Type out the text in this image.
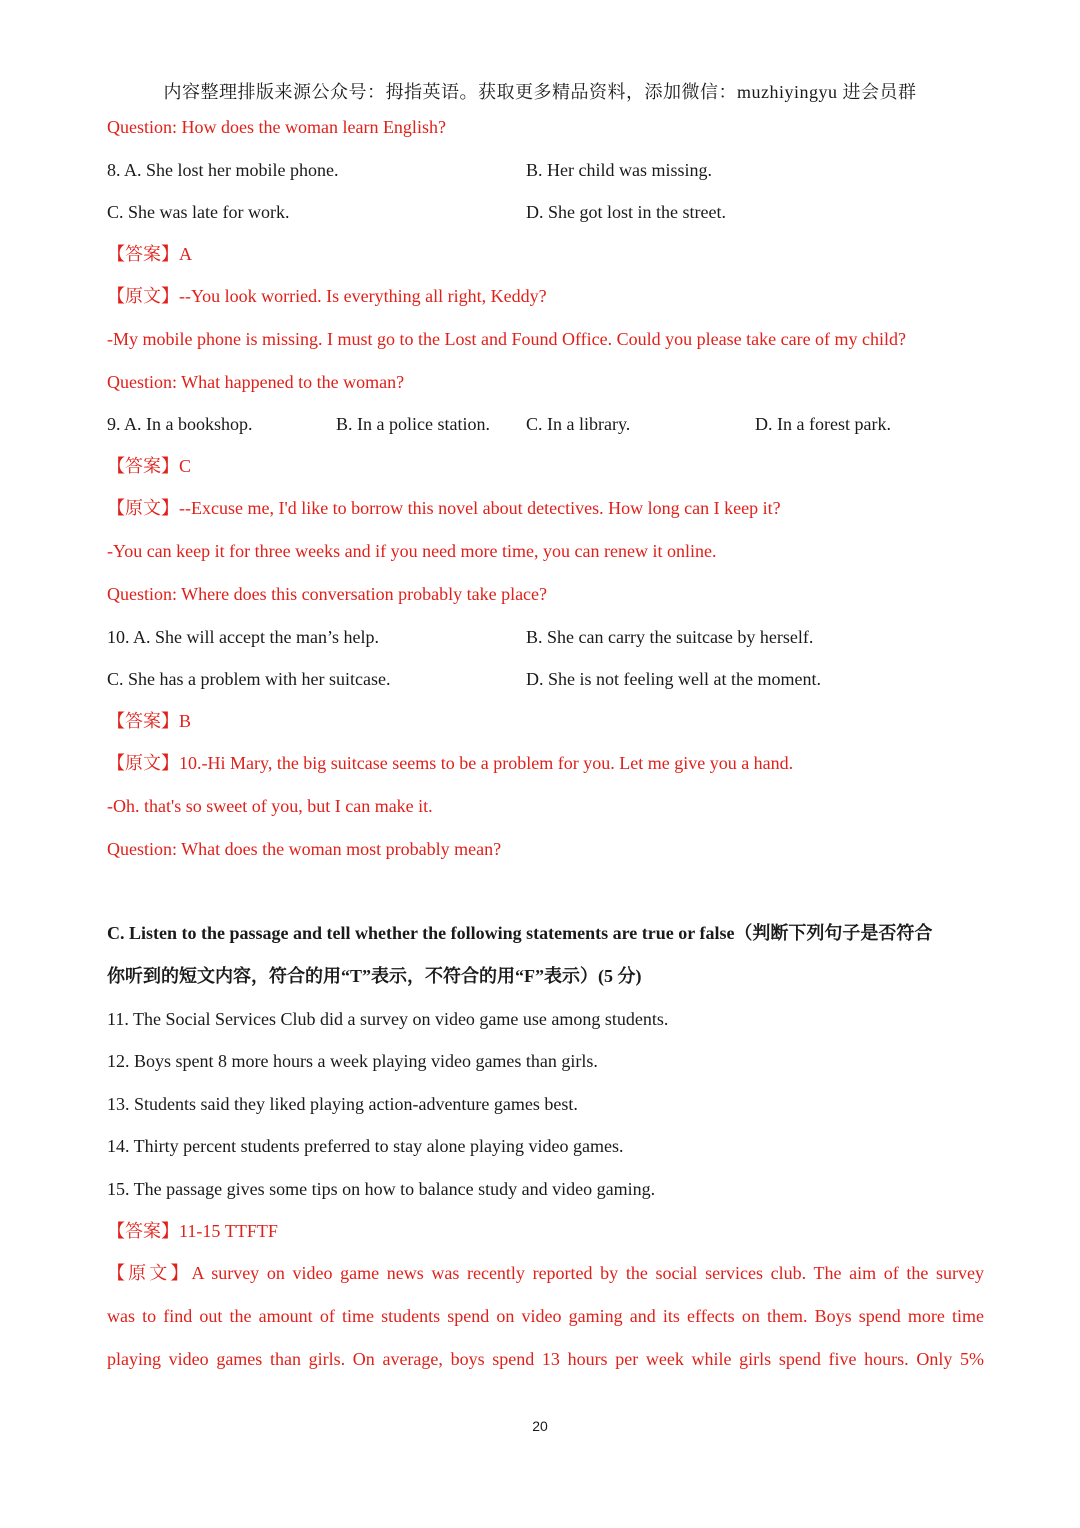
内容整理排版来源公众号：拇指英语。获取更多精品资料，添加微信：muzhiyingyu 进会员群
Question: How does the woman learn English?
8. A. She lost her mobile phone.	B. Her child was missing.
C. She was late for work.	D. She got lost in the street.
【答案】A
【原文】--You look worried. Is everything all right, Keddy?
-My mobile phone is missing. I must go to the Lost and Found Office. Could you please take care of my child?
Question: What happened to the woman?
9. A. In a bookshop.	B. In a police station. C. In a library.	D. In a forest park.
【答案】C
【原文】--Excuse me, I'd like to borrow this novel about detectives. How long can I keep it?
-You can keep it for three weeks and if you need more time, you can renew it online.
Question: Where does this conversation probably take place?
10. A. She will accept the man’s help.	B. She can carry the suitcase by herself.
C. She has a problem with her suitcase.	D. She is not feeling well at the moment.
【答案】B
【原文】10.-Hi Mary, the big suitcase seems to be a problem for you. Let me give you a hand.
-Oh. that's so sweet of you, but I can make it.
Question: What does the woman most probably mean?
C. Listen to the passage and tell whether the following statements are true or false（判断下列句子是否符合
你听到的短文内容，符合的用“T”表示，不符合的用“F”表示）(5 分)
11. The Social Services Club did a survey on video game use among students.
12. Boys spent 8 more hours a week playing video games than girls.
13. Students said they liked playing action-adventure games best.
14. Thirty percent students preferred to stay alone playing video games.
15. The passage gives some tips on how to balance study and video gaming.
【答案】11-15 TTFTF
【原文】A survey on video game news was recently reported by the social services club. The aim of the survey
was to find out the amount of time students spend on video gaming and its effects on them. Boys spend more time
playing video games than girls. On average, boys spend 13 hours per week while girls spend five hours. Only 5%
20
